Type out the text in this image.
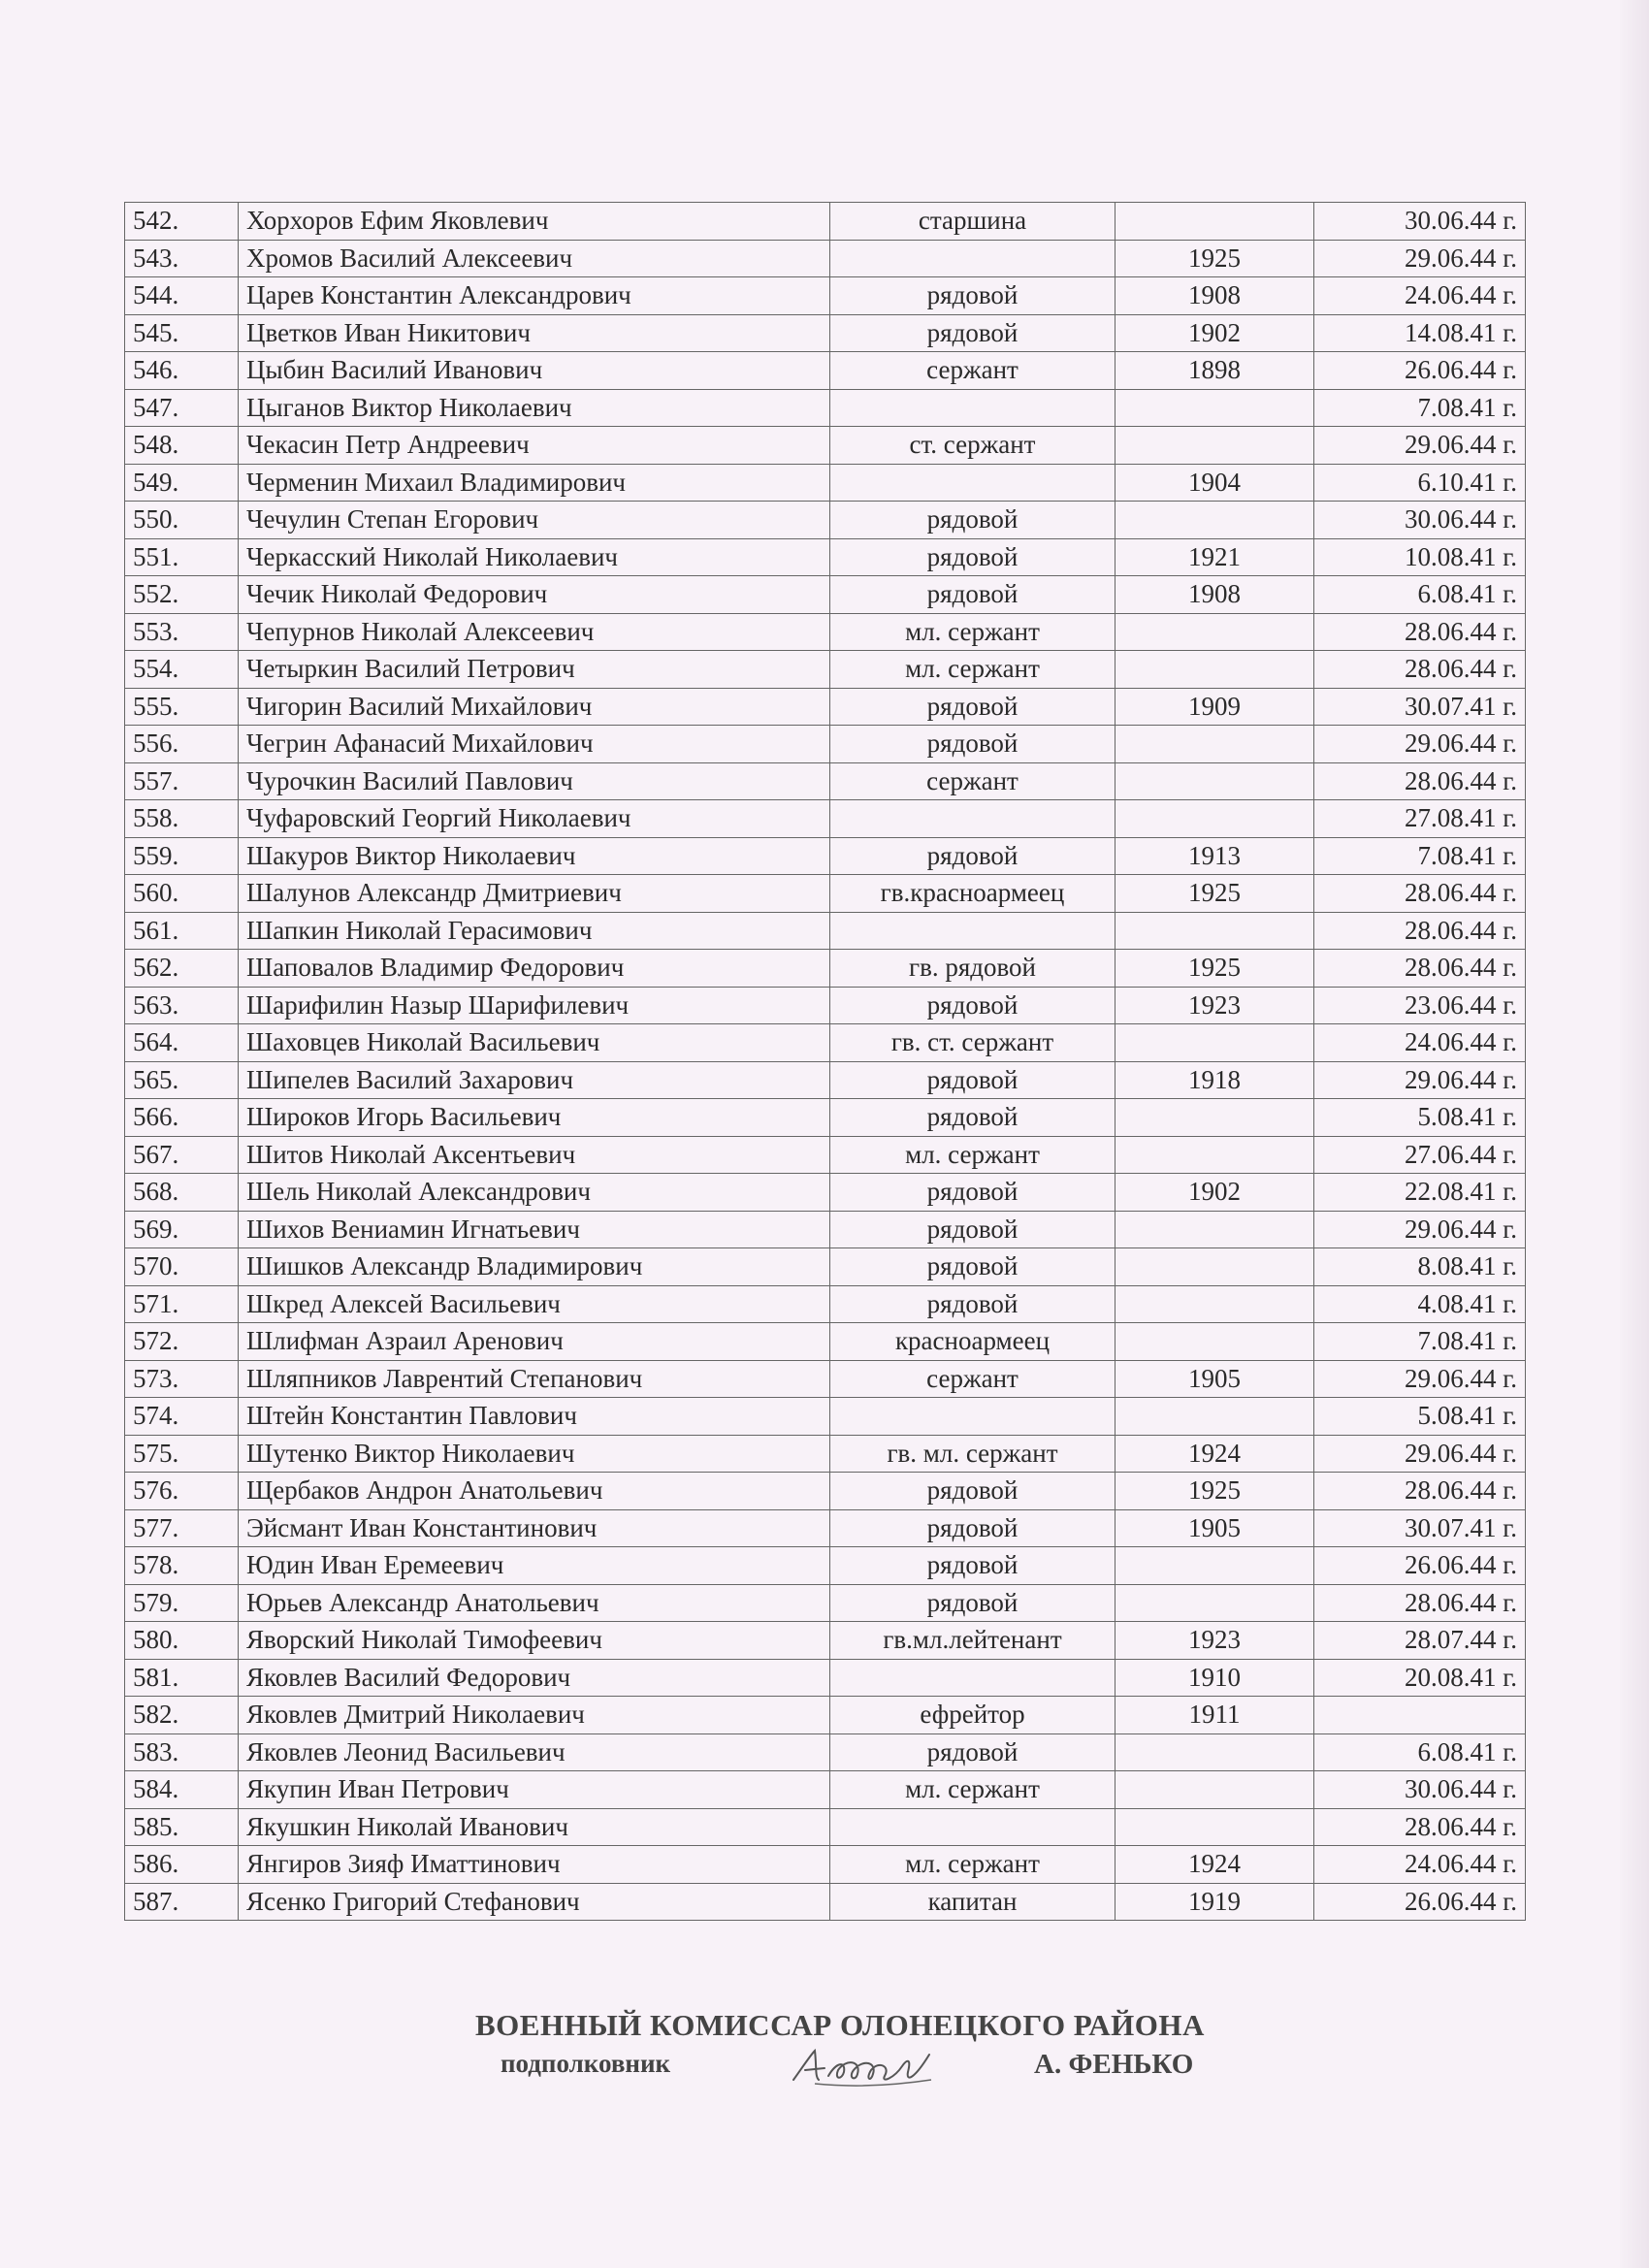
542.	Хорхоров Ефим Яковлевич	старшина		30.06.44 г.
543.	Хромов Василий Алексеевич		1925	29.06.44 г.
544.	Царев Константин Александрович	рядовой	1908	24.06.44 г.
545.	Цветков Иван Никитович	рядовой	1902	14.08.41 г.
546.	Цыбин Василий Иванович	сержант	1898	26.06.44 г.
547.	Цыганов Виктор Николаевич			7.08.41 г.
548.	Чекасин Петр Андреевич	ст. сержант		29.06.44 г.
549.	Черменин Михаил Владимирович		1904	6.10.41 г.
550.	Чечулин Степан Егорович	рядовой		30.06.44 г.
551.	Черкасский Николай Николаевич	рядовой	1921	10.08.41 г.
552.	Чечик Николай Федорович	рядовой	1908	6.08.41 г.
553.	Чепурнов Николай Алексеевич	мл. сержант		28.06.44 г.
554.	Четыркин Василий Петрович	мл. сержант		28.06.44 г.
555.	Чигорин Василий Михайлович	рядовой	1909	30.07.41 г.
556.	Чегрин Афанасий Михайлович	рядовой		29.06.44 г.
557.	Чурочкин Василий Павлович	сержант		28.06.44 г.
558.	Чуфаровский Георгий Николаевич			27.08.41 г.
559.	Шакуров Виктор Николаевич	рядовой	1913	7.08.41 г.
560.	Шалунов Александр Дмитриевич	гв.красноармеец	1925	28.06.44 г.
561.	Шапкин Николай Герасимович			28.06.44 г.
562.	Шаповалов Владимир Федорович	гв. рядовой	1925	28.06.44 г.
563.	Шарифилин Назыр Шарифилевич	рядовой	1923	23.06.44 г.
564.	Шаховцев Николай Васильевич	гв. ст. сержант		24.06.44 г.
565.	Шипелев Василий Захарович	рядовой	1918	29.06.44 г.
566.	Широков Игорь Васильевич	рядовой		5.08.41 г.
567.	Шитов Николай Аксентьевич	мл. сержант		27.06.44 г.
568.	Шель Николай Александрович	рядовой	1902	22.08.41 г.
569.	Шихов Вениамин Игнатьевич	рядовой		29.06.44 г.
570.	Шишков Александр Владимирович	рядовой		8.08.41 г.
571.	Шкред Алексей Васильевич	рядовой		4.08.41 г.
572.	Шлифман Азраил Аренович	красноармеец		7.08.41 г.
573.	Шляпников Лаврентий Степанович	сержант	1905	29.06.44 г.
574.	Штейн Константин Павлович			5.08.41 г.
575.	Шутенко Виктор Николаевич	гв. мл. сержант	1924	29.06.44 г.
576.	Щербаков Андрон Анатольевич	рядовой	1925	28.06.44 г.
577.	Эйсмант Иван Константинович	рядовой	1905	30.07.41 г.
578.	Юдин Иван Еремеевич	рядовой		26.06.44 г.
579.	Юрьев Александр Анатольевич	рядовой		28.06.44 г.
580.	Яворский Николай Тимофеевич	гв.мл.лейтенант	1923	28.07.44 г.
581.	Яковлев Василий Федорович		1910	20.08.41 г.
582.	Яковлев Дмитрий Николаевич	ефрейтор	1911	
583.	Яковлев Леонид Васильевич	рядовой		6.08.41 г.
584.	Якупин Иван Петрович	мл. сержант		30.06.44 г.
585.	Якушкин Николай Иванович			28.06.44 г.
586.	Янгиров Зияф Иматтинович	мл. сержант	1924	24.06.44 г.
587.	Ясенко Григорий Стефанович	капитан	1919	26.06.44 г.
ВОЕННЫЙ КОМИССАР ОЛОНЕЦКОГО РАЙОНА
подполковник	А. ФЕНЬКО
